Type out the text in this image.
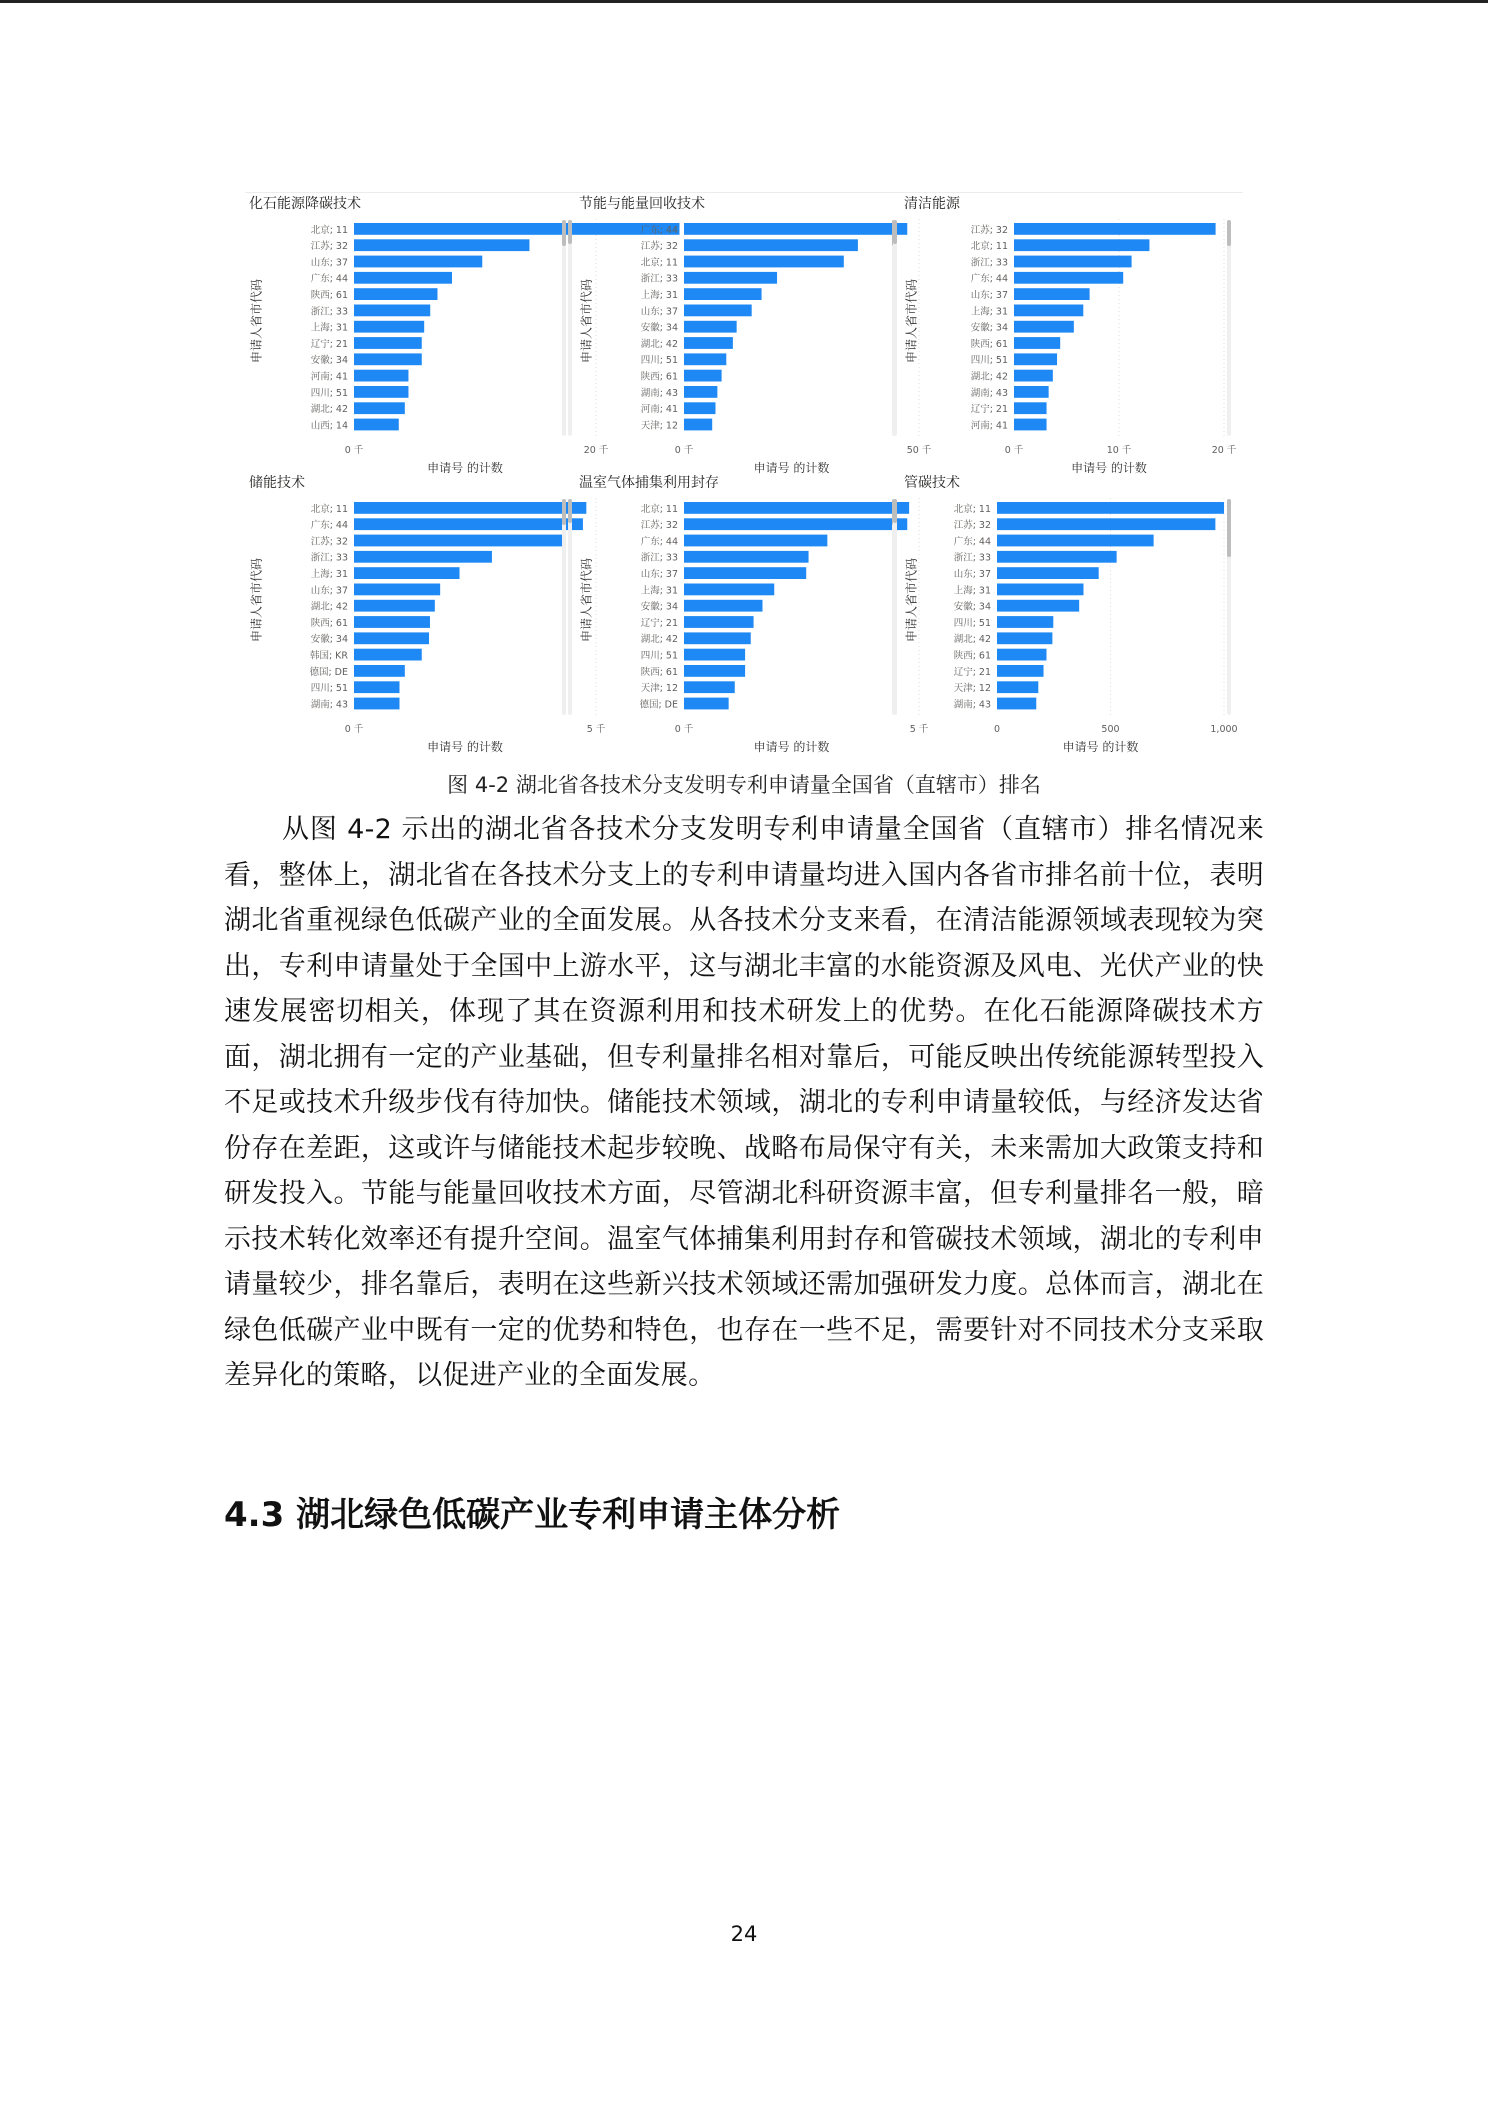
化石能源降碳技术
申请人省市代码
0 千	20 千
北京; 11
江苏; 32
山东; 37
广东; 44
陕西; 61
浙江; 33
上海; 31
辽宁; 21
安徽; 34
河南; 41
四川; 51
湖北; 42
山西; 14
申请号 的计数
节能与能量回收技术
申请人省市代码
0 千	50 千
广东; 44
江苏; 32
北京; 11
浙江; 33
上海; 31
山东; 37
安徽; 34
湖北; 42
四川; 51
陕西; 61
湖南; 43
河南; 41
天津; 12
申请号 的计数
清洁能源
申请人省市代码
0 千	10 千	20 千
江苏; 32
北京; 11
浙江; 33
广东; 44
山东; 37
上海; 31
安徽; 34
陕西; 61
四川; 51
湖北; 42
湖南; 43
辽宁; 21
河南; 41
申请号 的计数
储能技术
申请人省市代码
0 千	5 千
北京; 11
广东; 44
江苏; 32
浙江; 33
上海; 31
山东; 37
湖北; 42
陕西; 61
安徽; 34
韩国; KR
德国; DE
四川; 51
湖南; 43
申请号 的计数
温室气体捕集利用封存
申请人省市代码
0 千	5 千
北京; 11
江苏; 32
广东; 44
浙江; 33
山东; 37
上海; 31
安徽; 34
辽宁; 21
湖北; 42
四川; 51
陕西; 61
天津; 12
德国; DE
申请号 的计数
管碳技术
申请人省市代码
0	500	1,000
北京; 11
江苏; 32
广东; 44
浙江; 33
山东; 37
上海; 31
安徽; 34
四川; 51
湖北; 42
陕西; 61
辽宁; 21
天津; 12
湖南; 43
申请号 的计数
图 4-2 湖北省各技术分支发明专利申请量全国省（直辖市）排名
从图 4-2 示出的湖北省各技术分支发明专利申请量全国省（直辖市）排名情况来看，整体上，湖北省在各技术分支上的专利申请量均进入国内各省市排名前十位，表明湖北省重视绿色低碳产业的全面发展。从各技术分支来看，在清洁能源领域表现较为突出，专利申请量处于全国中上游水平，这与湖北丰富的水能资源及风电、光伏产业的快速发展密切相关，体现了其在资源利用和技术研发上的优势。在化石能源降碳技术方面，湖北拥有一定的产业基础，但专利量排名相对靠后，可能反映出传统能源转型投入不足或技术升级步伐有待加快。储能技术领域，湖北的专利申请量较低，与经济发达省份存在差距，这或许与储能技术起步较晚、战略布局保守有关，未来需加大政策支持和研发投入。节能与能量回收技术方面，尽管湖北科研资源丰富，但专利量排名一般，暗示技术转化效率还有提升空间。温室气体捕集利用封存和管碳技术领域，湖北的专利申请量较少，排名靠后，表明在这些新兴技术领域还需加强研发力度。总体而言，湖北在绿色低碳产业中既有一定的优势和特色，也存在一些不足，需要针对不同技术分支采取差异化的策略，以促进产业的全面发展。
4.3 湖北绿色低碳产业专利申请主体分析
24
